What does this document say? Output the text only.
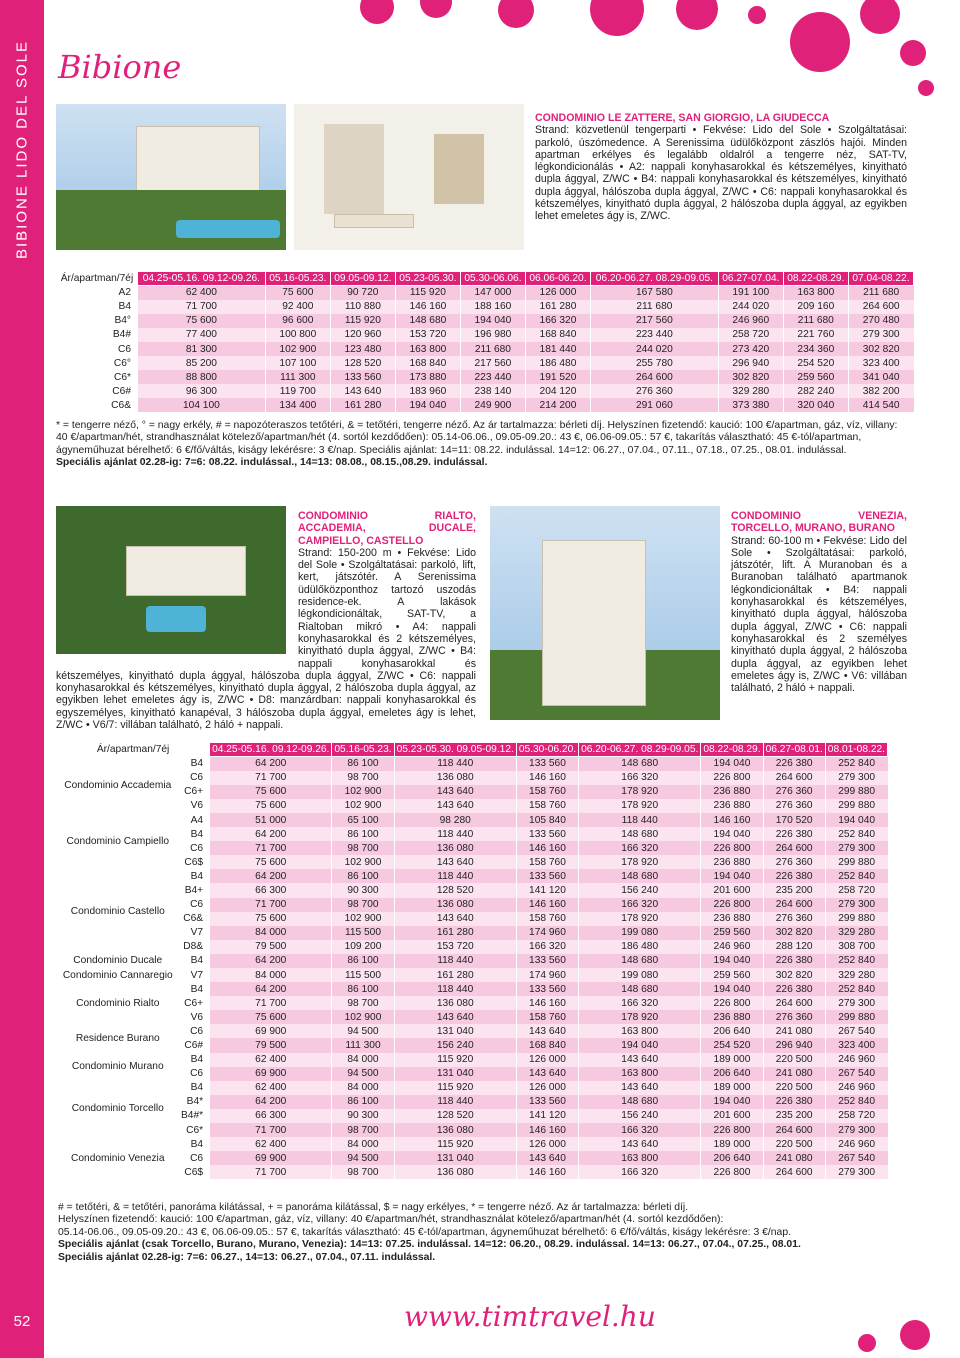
BIBIONE LIDO DEL SOLE
52
Bibione
CONDOMINIO LE ZATTERE, SAN GIORGIO, LA GIUDECCA

Strand: közvetlenül tengerparti • Fekvése: Lido del Sole • Szolgáltatásai: parkoló, úszómedence. A Serenissima üdülőközpont zászlós hajói. Minden apartman erkélyes és legalább oldalról a tengerre néz, SAT-TV, légkondicionálás • A2: nappali konyhasarokkal és kétszemélyes, kinyitható dupla ággyal, Z/WC • B4: nappali konyhasarokkal és kétszemélyes, kinyitható dupla ággyal, hálószoba dupla ággyal, Z/WC • C6: nappali konyhasarokkal és kétszemélyes, kinyitható dupla ággyal, 2 hálószoba dupla ággyal, az egyikben lehet emeletes ágy is, Z/WC.

Ár/apartman/7éj	04.25-05.16. 09.12-09.26.	05.16-05.23.	09.05-09.12.	05.23-05.30.	05.30-06.06.	06.06-06.20.	06.20-06.27. 08.29-09.05.	06.27-07.04.	08.22-08.29.	07.04-08.22.
A2	62 400	75 600	90 720	115 920	147 000	126 000	167 580	191 100	163 800	211 680
B4	71 700	92 400	110 880	146 160	188 160	161 280	211 680	244 020	209 160	264 600
B4°	75 600	96 600	115 920	148 680	194 040	166 320	217 560	246 960	211 680	270 480
B4#	77 400	100 800	120 960	153 720	196 980	168 840	223 440	258 720	221 760	279 300
C6	81 300	102 900	123 480	163 800	211 680	181 440	244 020	273 420	234 360	302 820
C6°	85 200	107 100	128 520	168 840	217 560	186 480	255 780	296 940	254 520	323 400
C6*	88 800	111 300	133 560	173 880	223 440	191 520	264 600	302 820	259 560	341 040
C6#	96 300	119 700	143 640	183 960	238 140	204 120	276 360	329 280	282 240	382 200
C6&	104 100	134 400	161 280	194 040	249 900	214 200	291 060	373 380	320 040	414 540
* = tengerre néző, ° = nagy erkély, # = napozóteraszos tetőtéri, & = tetőtéri, tengerre néző. Az ár tartalmazza: bérleti díj. Helyszínen fizetendő: kaució: 100 €/apartman, gáz, víz, villany:
40 €/apartman/hét, strandhasználat kötelező/apartman/hét (4. sortól kezdődően): 05.14-06.06., 09.05-09.20.: 43 €, 06.06-09.05.: 57 €, takarítás választható: 45 €-tól/apartman,
ágyneműhuzat bérelhető: 6 €/fő/váltás, kiságy lekérésre: 3 €/nap. Speciális ajánlat: 14=11: 08.22. indulással. 14=12: 06.27., 07.04., 07.11., 07.18., 07.25., 08.01. indulással.
Speciális ajánlat 02.28-ig: 7=6: 08.22. indulással., 14=13: 08.08., 08.15.,08.29. indulással.
CONDOMINIO RIALTO, ACCADEMIA, DUCALE, CAMPIELLO, CASTELLO

Strand: 150-200 m • Fekvése: Lido del Sole • Szolgáltatásai: parkoló, lift, kert, játszótér. A Serenissima üdülőközponthoz tartozó uszodás residence-ek. A lakások légkondicionáltak, SAT-TV, a Rialtoban mikró • A4: nappali konyhasarokkal és 2 kétszemélyes, kinyitható dupla ággyal, Z/WC • B4: nappali konyhasarokkal és kétszemélyes, kinyitható dupla ággyal, hálószoba dupla ággyal, Z/WC • C6: nappali konyhasarokkal és kétszemélyes, kinyitható dupla ággyal, 2 hálószoba dupla ággyal, az egyikben lehet emeletes ágy is, Z/WC • D8: manzárdban: nappali konyhasarokkal és egyszemélyes, kinyitható kanapéval, 3 hálószoba dupla ággyal, emeletes ágy is lehet, Z/WC • V6/7: villában található, 2 háló + nappali.

CONDOMINIO VENEZIA, TORCELLO, MURANO, BURANO

Strand: 60-100 m • Fekvése: Lido del Sole • Szolgáltatásai: parkoló, játszótér, lift. A Muranoban és a Buranoban található apartmanok légkondicionáltak • B4: nappali konyhasarokkal és kétszemélyes, kinyitható dupla ággyal, hálószoba dupla ággyal, Z/WC • C6: nappali konyhasarokkal és 2 személyes kinyitható dupla ággyal, 2 hálószoba dupla ággyal, az egyikben lehet emeletes ágy is, Z/WC • V6: villában található, 2 háló + nappali.

Ár/apartman/7éj		04.25-05.16. 09.12-09.26.	05.16-05.23.	05.23-05.30. 09.05-09.12.	05.30-06.20.	06.20-06.27. 08.29-09.05.	08.22-08.29.	06.27-08.01.	08.01-08.22.
Condominio Accademia	B4	64 200	86 100	118 440	133 560	148 680	194 040	226 380	252 840
	C6	71 700	98 700	136 080	146 160	166 320	226 800	264 600	279 300
	C6+	75 600	102 900	143 640	158 760	178 920	236 880	276 360	299 880
	V6	75 600	102 900	143 640	158 760	178 920	236 880	276 360	299 880
Condominio Campiello	A4	51 000	65 100	98 280	105 840	118 440	146 160	170 520	194 040
	B4	64 200	86 100	118 440	133 560	148 680	194 040	226 380	252 840
	C6	71 700	98 700	136 080	146 160	166 320	226 800	264 600	279 300
	C6$	75 600	102 900	143 640	158 760	178 920	236 880	276 360	299 880
Condominio Castello	B4	64 200	86 100	118 440	133 560	148 680	194 040	226 380	252 840
	B4+	66 300	90 300	128 520	141 120	156 240	201 600	235 200	258 720
	C6	71 700	98 700	136 080	146 160	166 320	226 800	264 600	279 300
	C6&	75 600	102 900	143 640	158 760	178 920	236 880	276 360	299 880
	V7	84 000	115 500	161 280	174 960	199 080	259 560	302 820	329 280
	D8&	79 500	109 200	153 720	166 320	186 480	246 960	288 120	308 700
Condominio Ducale	B4	64 200	86 100	118 440	133 560	148 680	194 040	226 380	252 840
Condominio Cannaregio	V7	84 000	115 500	161 280	174 960	199 080	259 560	302 820	329 280
Condominio Rialto	B4	64 200	86 100	118 440	133 560	148 680	194 040	226 380	252 840
	C6+	71 700	98 700	136 080	146 160	166 320	226 800	264 600	279 300
	V6	75 600	102 900	143 640	158 760	178 920	236 880	276 360	299 880
Residence Burano	C6	69 900	94 500	131 040	143 640	163 800	206 640	241 080	267 540
	C6#	79 500	111 300	156 240	168 840	194 040	254 520	296 940	323 400
Condominio Murano	B4	62 400	84 000	115 920	126 000	143 640	189 000	220 500	246 960
	C6	69 900	94 500	131 040	143 640	163 800	206 640	241 080	267 540
Condominio Torcello	B4	62 400	84 000	115 920	126 000	143 640	189 000	220 500	246 960
	B4*	64 200	86 100	118 440	133 560	148 680	194 040	226 380	252 840
	B4#*	66 300	90 300	128 520	141 120	156 240	201 600	235 200	258 720
	C6*	71 700	98 700	136 080	146 160	166 320	226 800	264 600	279 300
Condominio Venezia	B4	62 400	84 000	115 920	126 000	143 640	189 000	220 500	246 960
	C6	69 900	94 500	131 040	143 640	163 800	206 640	241 080	267 540
	C6$	71 700	98 700	136 080	146 160	166 320	226 800	264 600	279 300
# = tetőtéri, & = tetőtéri, panoráma kilátással, + = panoráma kilátással, $ = nagy erkélyes, * = tengerre néző. Az ár tartalmazza: bérleti díj.
Helyszínen fizetendő: kaució: 100 €/apartman, gáz, víz, villany: 40 €/apartman/hét, strandhasználat kötelező/apartman/hét (4. sortól kezdődően):
05.14-06.06., 09.05-09.20.: 43 €, 06.06-09.05.: 57 €, takarítás választható: 45 €-tól/apartman, ágyneműhuzat bérelhető: 6 €/fő/váltás, kiságy lekérésre: 3 €/nap.
Speciális ajánlat (csak Torcello, Burano, Murano, Venezia): 14=13: 07.25. indulással. 14=12: 06.20., 08.29. indulással. 14=13: 06.27., 07.04., 07.25., 08.01.
Speciális ajánlat 02.28-ig: 7=6: 06.27., 14=13: 06.27., 07.04., 07.11. indulással.
www.timtravel.hu
